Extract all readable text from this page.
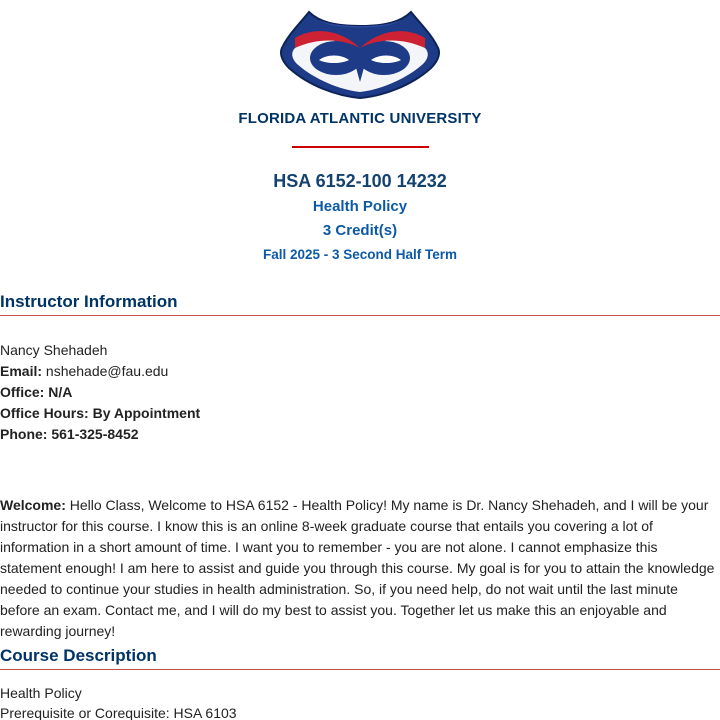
FLORIDA ATLANTIC UNIVERSITY
HSA 6152-100 14232
Health Policy
3 Credit(s)
Fall 2025 - 3 Second Half Term
Instructor Information
Nancy Shehadeh
Email: nshehade@fau.edu
Office: N/A
Office Hours: By Appointment
Phone: 561-325-8452
Welcome: Hello Class, Welcome to HSA 6152 - Health Policy! My name is Dr. Nancy Shehadeh, and I will be your instructor for this course. I know this is an online 8-week graduate course that entails you covering a lot of information in a short amount of time. I want you to remember - you are not alone. I cannot emphasize this statement enough! I am here to assist and guide you through this course. My goal is for you to attain the knowledge needed to continue your studies in health administration. So, if you need help, do not wait until the last minute before an exam. Contact me, and I will do my best to assist you. Together let us make this an enjoyable and rewarding journey!
Course Description
Health Policy
Prerequisite or Corequisite: HSA 6103
